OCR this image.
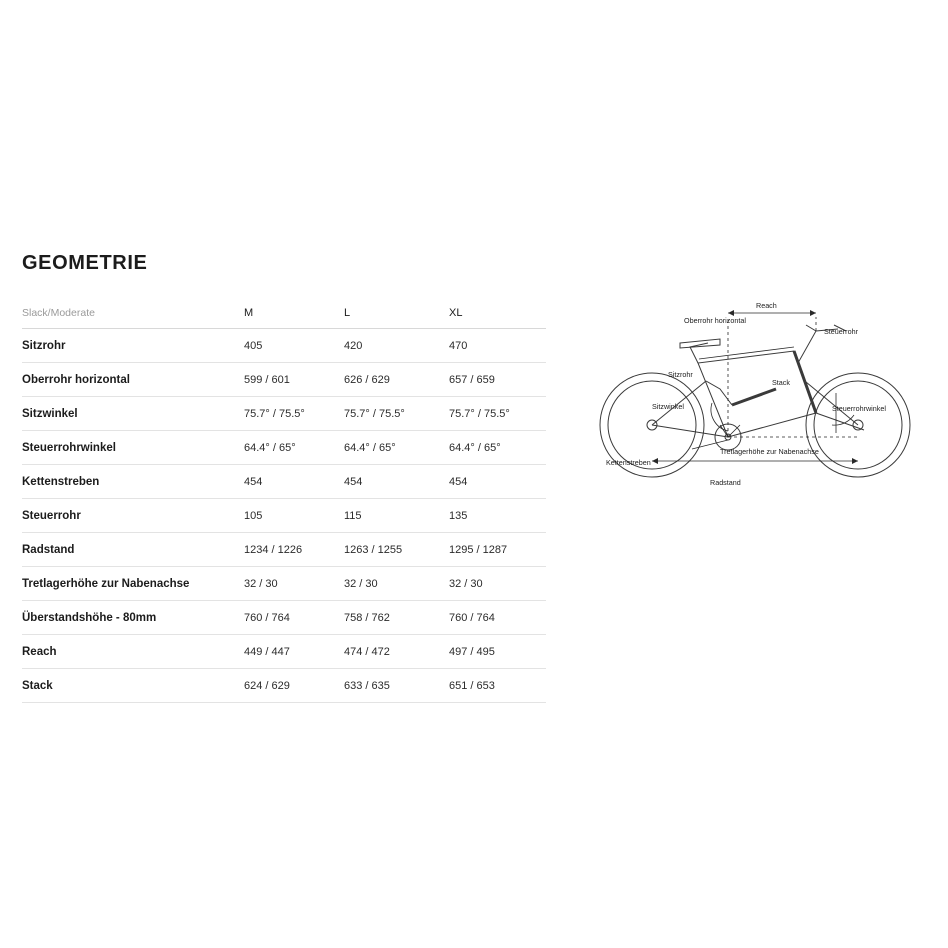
GEOMETRIE
Slack/Moderate	M	L	XL
Sitzrohr	405	420	470
Oberrohr horizontal	599 / 601	626 / 629	657 / 659
Sitzwinkel	75.7° / 75.5°	75.7° / 75.5°	75.7° / 75.5°
Steuerrohrwinkel	64.4° / 65°	64.4° / 65°	64.4° / 65°
Kettenstreben	454	454	454
Steuerrohr	105	115	135
Radstand	1234 / 1226	1263 / 1255	1295 / 1287
Tretlagerhöhe zur Nabenachse	32 / 30	32 / 30	32 / 30
Überstandshöhe - 80mm	760 / 764	758 / 762	760 / 764
Reach	449 / 447	474 / 472	497 / 495
Stack	624 / 629	633 / 635	651 / 653
Reach
Oberrohr horizontal
Steuerrohr
Stack
Sitzrohr
Sitzwinkel	Steuerrohrwinkel
Tretlagerhöhe zur Nabenachse
Kettenstreben
Radstand
